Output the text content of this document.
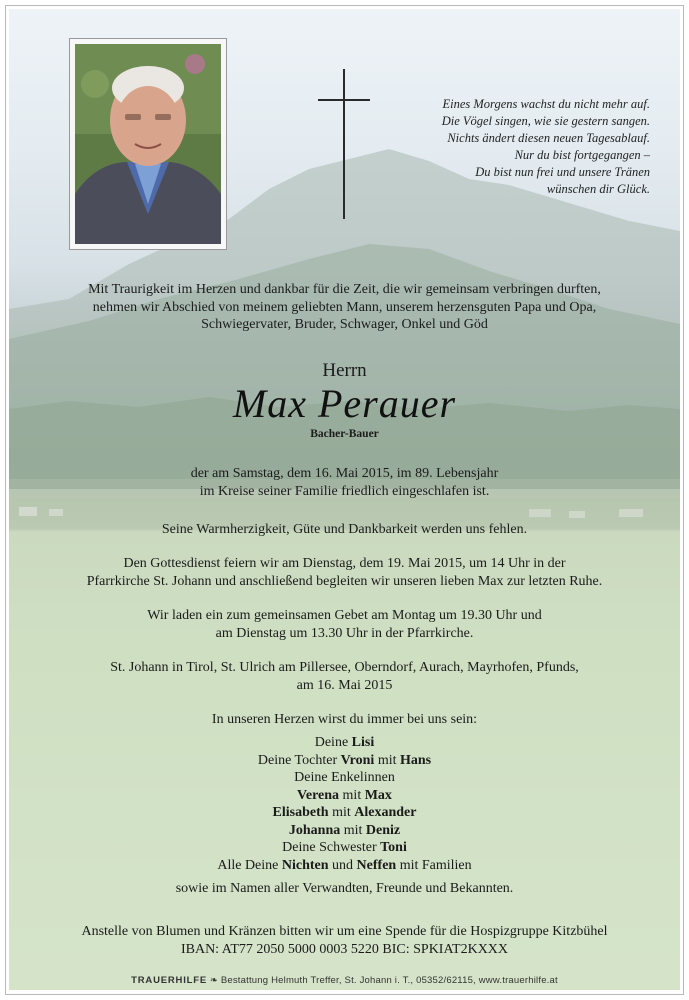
Eines Morgens wachst du nicht mehr auf.
Die Vögel singen, wie sie gestern sangen.
Nichts ändert diesen neuen Tagesablauf.
Nur du bist fortgegangen –
Du bist nun frei und unsere Tränen
wünschen dir Glück.
Mit Traurigkeit im Herzen und dankbar für die Zeit, die wir gemeinsam verbringen durften,
nehmen wir Abschied von meinem geliebten Mann, unserem herzensguten Papa und Opa,
Schwiegervater, Bruder, Schwager, Onkel und Göd
Herrn
Max Perauer
Bacher-Bauer
der am Samstag, dem 16. Mai 2015, im 89. Lebensjahr
im Kreise seiner Familie friedlich eingeschlafen ist.
Seine Warmherzigkeit, Güte und Dankbarkeit werden uns fehlen.
Den Gottesdienst feiern wir am Dienstag, dem 19. Mai 2015, um 14 Uhr in der
Pfarrkirche St. Johann und anschließend begleiten wir unseren lieben Max zur letzten Ruhe.
Wir laden ein zum gemeinsamen Gebet am Montag um 19.30 Uhr und
am Dienstag um 13.30 Uhr in der Pfarrkirche.
St. Johann in Tirol, St. Ulrich am Pillersee, Oberndorf, Aurach, Mayrhofen, Pfunds,
am 16. Mai 2015
In unseren Herzen wirst du immer bei uns sein:
Deine Lisi
Deine Tochter Vroni mit Hans
Deine Enkelinnen
Verena mit Max
Elisabeth mit Alexander
Johanna mit Deniz
Deine Schwester Toni
Alle Deine Nichten und Neffen mit Familien
sowie im Namen aller Verwandten, Freunde und Bekannten.
Anstelle von Blumen und Kränzen bitten wir um eine Spende für die Hospizgruppe Kitzbühel
IBAN: AT77 2050 5000 0003 5220 BIC: SPKIAT2KXXX
TRAUERHILFE ❧ Bestattung Helmuth Treffer, St. Johann i. T., 05352/62115, www.trauerhilfe.at
